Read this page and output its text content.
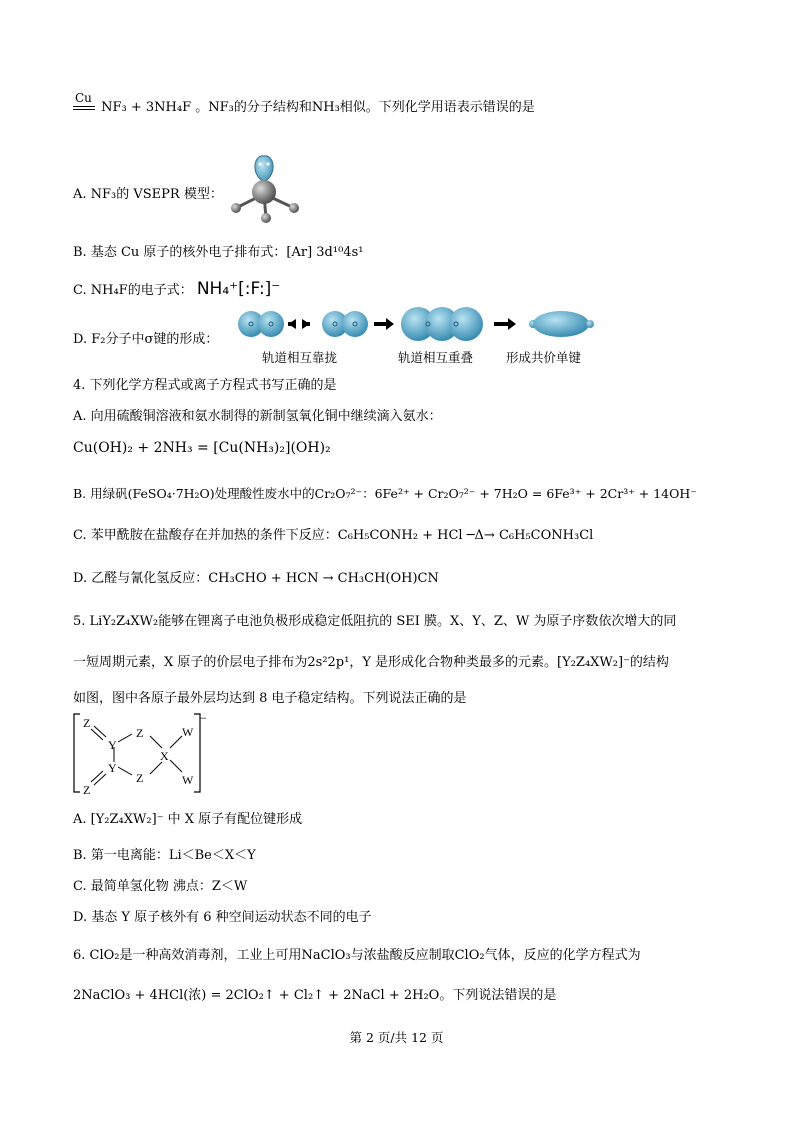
Cu
NF₃ + 3NH₄F 。NF₃的分子结构和NH₃相似。下列化学用语表示错误的是
A. NF₃的 VSEPR 模型：
B. 基态 Cu 原子的核外电子排布式：[Ar] 3d¹⁰4s¹
C. NH₄F的电子式： NH₄⁺[:F:]⁻
D. F₂分子中σ键的形成：
轨道相互靠拢	轨道相互重叠	形成共价单键
4. 下列化学方程式或离子方程式书写正确的是
A. 向用硫酸铜溶液和氨水制得的新制氢氧化铜中继续滴入氨水：
Cu(OH)₂ + 2NH₃ = [Cu(NH₃)₂](OH)₂
B. 用绿矾(FeSO₄·7H₂O)处理酸性废水中的Cr₂O₇²⁻：6Fe²⁺ + Cr₂O₇²⁻ + 7H₂O = 6Fe³⁺ + 2Cr³⁺ + 14OH⁻
C. 苯甲酰胺在盐酸存在并加热的条件下反应：C₆H₅CONH₂ + HCl ─Δ→ C₆H₅CONH₃Cl
D. 乙醛与氰化氢反应：CH₃CHO + HCN → CH₃CH(OH)CN
5. LiY₂Z₄XW₂能够在锂离子电池负极形成稳定低阻抗的 SEI 膜。X、Y、Z、W 为原子序数依次增大的同
一短周期元素，X 原子的价层电子排布为2s²2p¹，Y 是形成化合物种类最多的元素。[Y₂Z₄XW₂]⁻的结构
如图，图中各原子最外层均达到 8 电子稳定结构。下列说法正确的是
Z
Y
Z
X
W
Z
Y
Z
W
−
A. [Y₂Z₄XW₂]⁻ 中 X 原子有配位键形成
B. 第一电离能：Li＜Be＜X＜Y
C. 最简单氢化物 沸点：Z＜W
D. 基态 Y 原子核外有 6 种空间运动状态不同的电子
6. ClO₂是一种高效消毒剂，工业上可用NaClO₃与浓盐酸反应制取ClO₂气体，反应的化学方程式为
2NaClO₃ + 4HCl(浓) = 2ClO₂↑ + Cl₂↑ + 2NaCl + 2H₂O。下列说法错误的是
第 2 页/共 12 页
